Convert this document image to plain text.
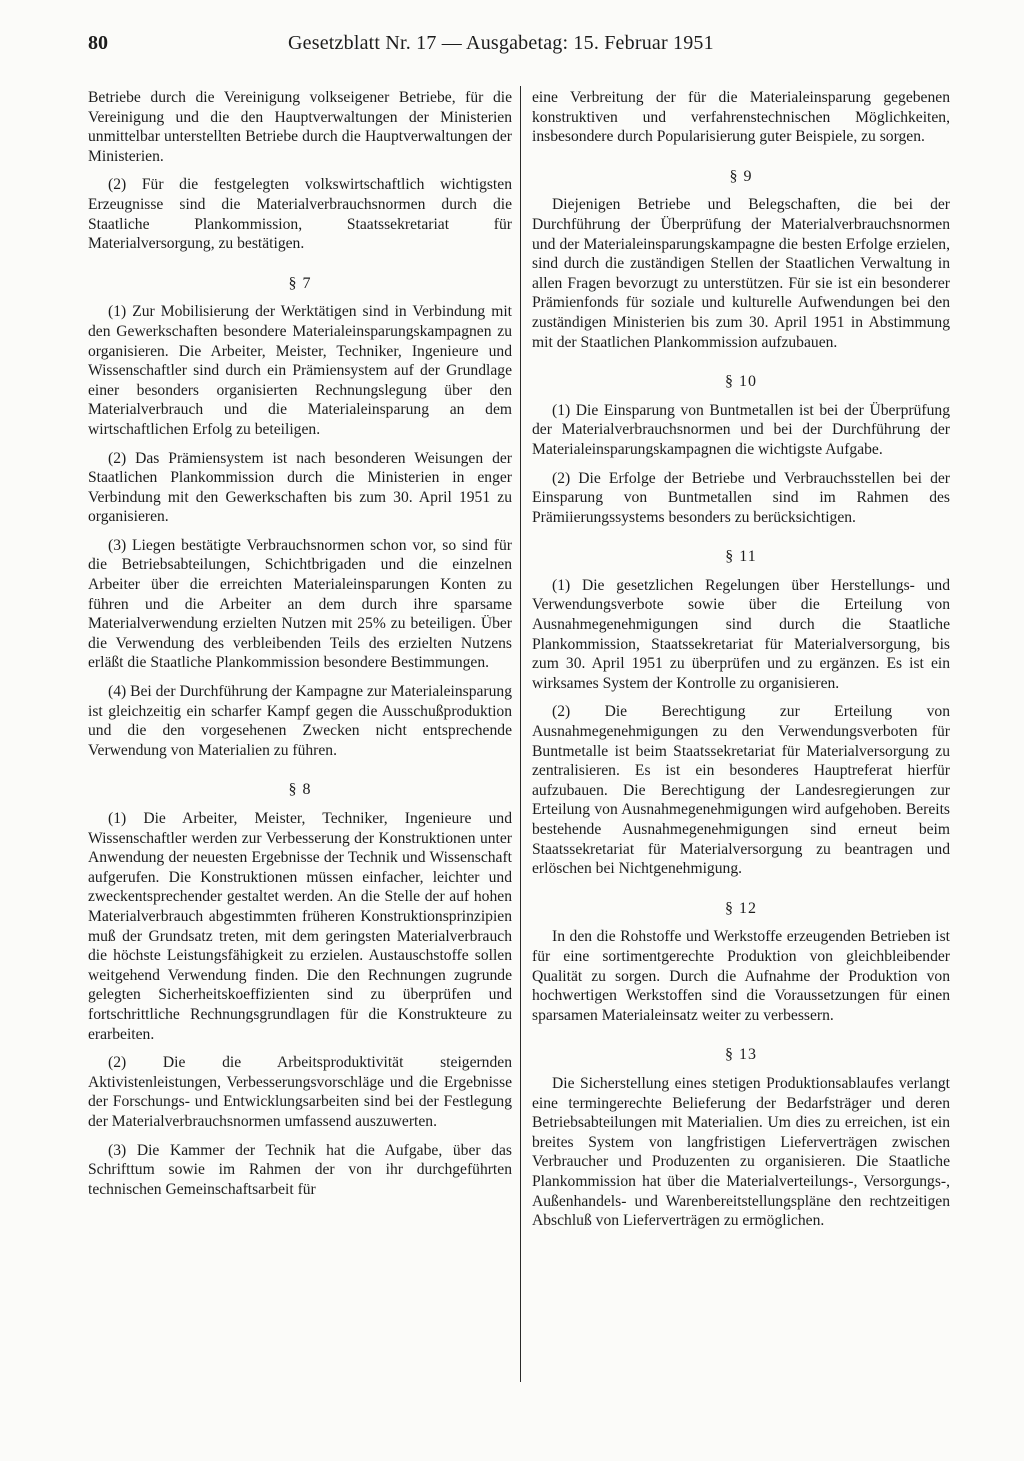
80	Gesetzblatt Nr. 17 — Ausgabetag: 15. Februar 1951

Betriebe durch die Vereinigung volkseigener Betriebe, für die Vereinigung und die den Hauptverwaltungen der Ministerien unmittelbar unterstellten Betriebe durch die Hauptverwaltungen der Ministerien.

(2) Für die festgelegten volkswirtschaftlich wichtigsten Erzeugnisse sind die Materialverbrauchsnormen durch die Staatliche Plankommission, Staatssekretariat für Materialversorgung, zu bestätigen.

§ 7

(1) Zur Mobilisierung der Werktätigen sind in Verbindung mit den Gewerkschaften besondere Materialeinsparungskampagnen zu organisieren. Die Arbeiter, Meister, Techniker, Ingenieure und Wissenschaftler sind durch ein Prämiensystem auf der Grundlage einer besonders organisierten Rechnungslegung über den Materialverbrauch und die Materialeinsparung an dem wirtschaftlichen Erfolg zu beteiligen.

(2) Das Prämiensystem ist nach besonderen Weisungen der Staatlichen Plankommission durch die Ministerien in enger Verbindung mit den Gewerkschaften bis zum 30. April 1951 zu organisieren.

(3) Liegen bestätigte Verbrauchsnormen schon vor, so sind für die Betriebsabteilungen, Schichtbrigaden und die einzelnen Arbeiter über die erreichten Materialeinsparungen Konten zu führen und die Arbeiter an dem durch ihre sparsame Materialverwendung erzielten Nutzen mit 25% zu beteiligen. Über die Verwendung des verbleibenden Teils des erzielten Nutzens erläßt die Staatliche Plankommission besondere Bestimmungen.

(4) Bei der Durchführung der Kampagne zur Materialeinsparung ist gleichzeitig ein scharfer Kampf gegen die Ausschußproduktion und die den vorgesehenen Zwecken nicht entsprechende Verwendung von Materialien zu führen.

§ 8

(1) Die Arbeiter, Meister, Techniker, Ingenieure und Wissenschaftler werden zur Verbesserung der Konstruktionen unter Anwendung der neuesten Ergebnisse der Technik und Wissenschaft aufgerufen. Die Konstruktionen müssen einfacher, leichter und zweckentsprechender gestaltet werden. An die Stelle der auf hohen Materialverbrauch abgestimmten früheren Konstruktionsprinzipien muß der Grundsatz treten, mit dem geringsten Materialverbrauch die höchste Leistungsfähigkeit zu erzielen. Austauschstoffe sollen weitgehend Verwendung finden. Die den Rechnungen zugrunde gelegten Sicherheitskoeffizienten sind zu überprüfen und fortschrittliche Rechnungsgrundlagen für die Konstrukteure zu erarbeiten.

(2) Die die Arbeitsproduktivität steigernden Aktivistenleistungen, Verbesserungsvorschläge und die Ergebnisse der Forschungs- und Entwicklungsarbeiten sind bei der Festlegung der Materialverbrauchsnormen umfassend auszuwerten.

(3) Die Kammer der Technik hat die Aufgabe, über das Schrifttum sowie im Rahmen der von ihr durchgeführten technischen Gemeinschaftsarbeit für

eine Verbreitung der für die Materialeinsparung gegebenen konstruktiven und verfahrenstechnischen Möglichkeiten, insbesondere durch Popularisierung guter Beispiele, zu sorgen.

§ 9

Diejenigen Betriebe und Belegschaften, die bei der Durchführung der Überprüfung der Materialverbrauchsnormen und der Materialeinsparungskampagne die besten Erfolge erzielen, sind durch die zuständigen Stellen der Staatlichen Verwaltung in allen Fragen bevorzugt zu unterstützen. Für sie ist ein besonderer Prämienfonds für soziale und kulturelle Aufwendungen bei den zuständigen Ministerien bis zum 30. April 1951 in Abstimmung mit der Staatlichen Plankommission aufzubauen.

§ 10

(1) Die Einsparung von Buntmetallen ist bei der Überprüfung der Materialverbrauchsnormen und bei der Durchführung der Materialeinsparungskampagnen die wichtigste Aufgabe.

(2) Die Erfolge der Betriebe und Verbrauchsstellen bei der Einsparung von Buntmetallen sind im Rahmen des Prämiierungssystems besonders zu berücksichtigen.

§ 11

(1) Die gesetzlichen Regelungen über Herstellungs- und Verwendungsverbote sowie über die Erteilung von Ausnahmegenehmigungen sind durch die Staatliche Plankommission, Staatssekretariat für Materialversorgung, bis zum 30. April 1951 zu überprüfen und zu ergänzen. Es ist ein wirksames System der Kontrolle zu organisieren.

(2) Die Berechtigung zur Erteilung von Ausnahmegenehmigungen zu den Verwendungsverboten für Buntmetalle ist beim Staatssekretariat für Materialversorgung zu zentralisieren. Es ist ein besonderes Hauptreferat hierfür aufzubauen. Die Berechtigung der Landesregierungen zur Erteilung von Ausnahmegenehmigungen wird aufgehoben. Bereits bestehende Ausnahmegenehmigungen sind erneut beim Staatssekretariat für Materialversorgung zu beantragen und erlöschen bei Nichtgenehmigung.

§ 12

In den die Rohstoffe und Werkstoffe erzeugenden Betrieben ist für eine sortimentgerechte Produktion von gleichbleibender Qualität zu sorgen. Durch die Aufnahme der Produktion von hochwertigen Werkstoffen sind die Voraussetzungen für einen sparsamen Materialeinsatz weiter zu verbessern.

§ 13

Die Sicherstellung eines stetigen Produktionsablaufes verlangt eine termingerechte Belieferung der Bedarfsträger und deren Betriebsabteilungen mit Materialien. Um dies zu erreichen, ist ein breites System von langfristigen Lieferverträgen zwischen Verbraucher und Produzenten zu organisieren. Die Staatliche Plankommission hat über die Materialverteilungs-, Versorgungs-, Außenhandels- und Warenbereitstellungspläne den rechtzeitigen Abschluß von Lieferverträgen zu ermöglichen.
